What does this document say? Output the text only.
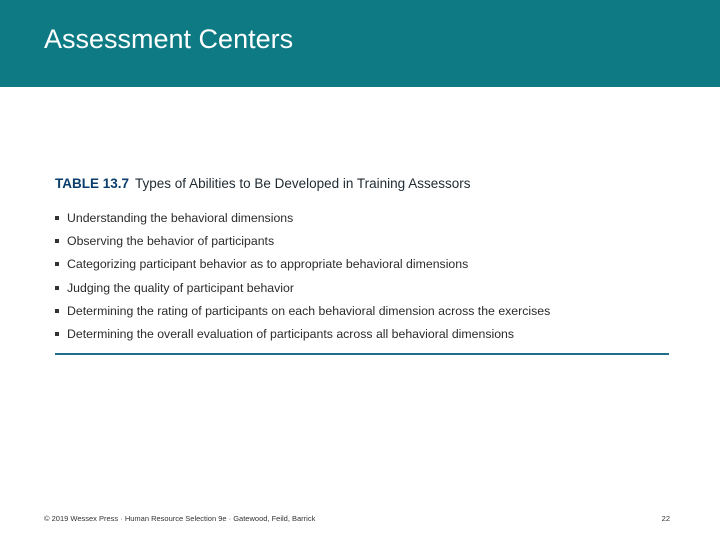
Assessment Centers
TABLE 13.7 Types of Abilities to Be Developed in Training Assessors
Understanding the behavioral dimensions
Observing the behavior of participants
Categorizing participant behavior as to appropriate behavioral dimensions
Judging the quality of participant behavior
Determining the rating of participants on each behavioral dimension across the exercises
Determining the overall evaluation of participants across all behavioral dimensions
© 2019 Wessex Press · Human Resource Selection 9e · Gatewood, Feild, Barrick	22
